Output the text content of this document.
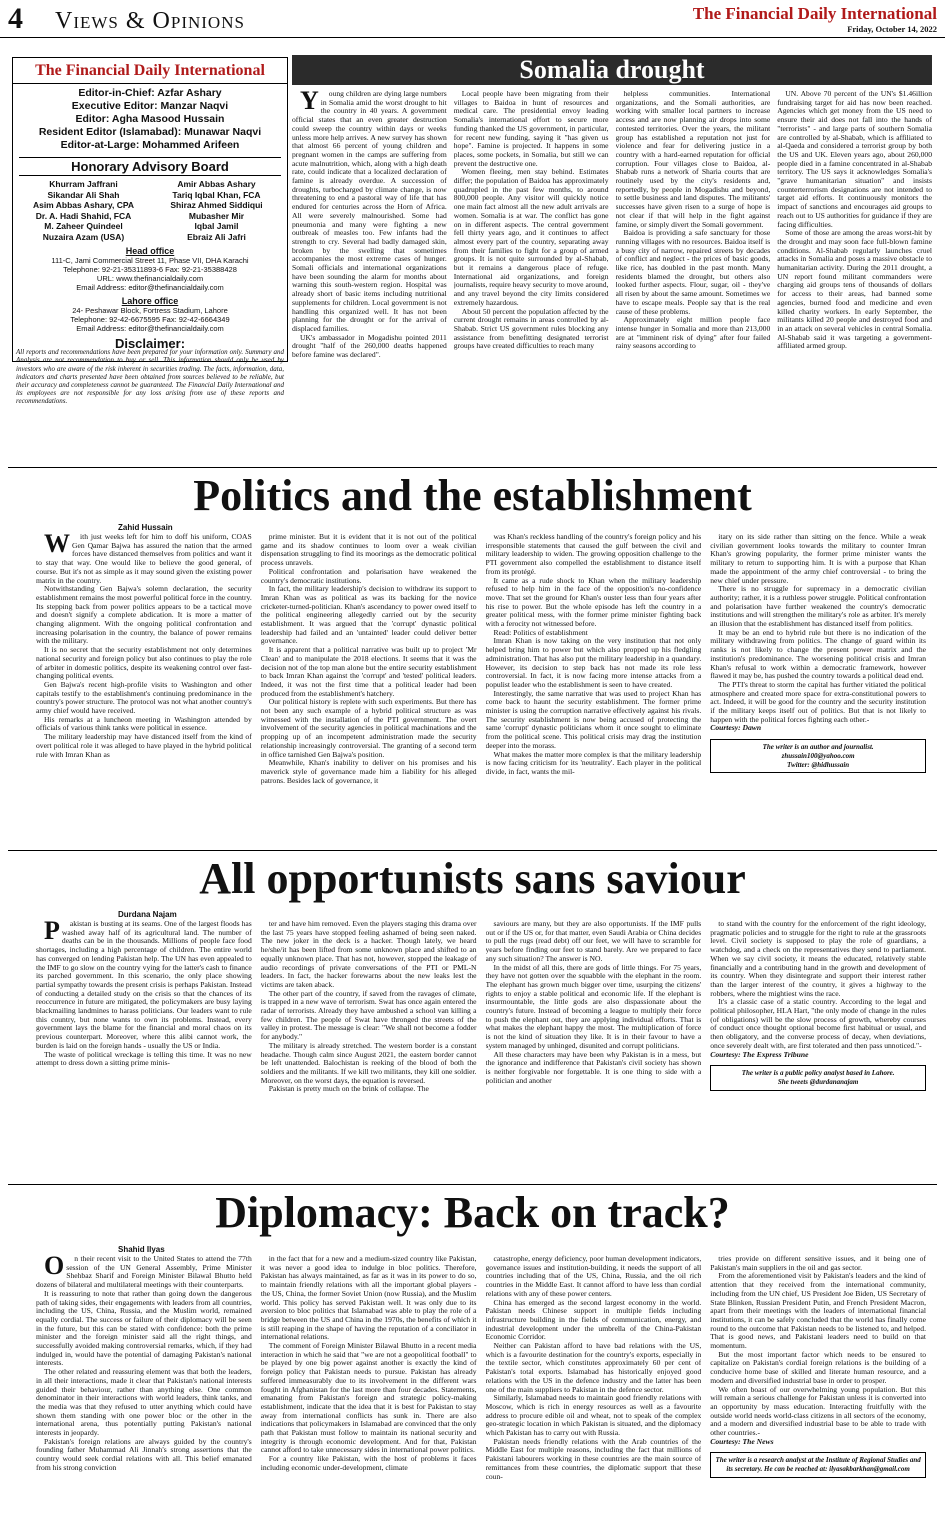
4 Views & Opinions	The Financial Daily International
Friday, October 14, 2022
The Financial Daily International
Editor-in-Chief: Azfar Ashary
Executive Editor: Manzar Naqvi
Editor: Agha Masood Hussain
Resident Editor (Islamabad): Munawar Naqvi
Editor-at-Large: Mohammed Arifeen
Honorary Advisory Board
Khurram Jaffrani
Sikandar Ali Shah
Asim Abbas Ashary, CPA
Dr. A. Hadi Shahid, FCA
M. Zaheer Quindeel
Nuzaira Azam (USA)
Amir Abbas Ashary
Tariq Iqbal Khan, FCA
Shiraz Ahmed Siddiqui
Mubasher Mir
Iqbal Jamil
Ebraiz Ali Jafri
Head office
111-C, Jami Commercial Street 11, Phase VII, DHA Karachi
Telephone: 92-21-35311893-6 Fax: 92-21-35388428
URL: www.thefinancialdaily.com
Email Address: editor@thefinancialdaily.com
Lahore office
24- Peshawar Block, Fortress Stadium, Lahore
Telephone: 92-42-6675595 Fax: 92-42-6664349
Email Address: editor@thefinancialdaily.com
Disclaimer:
All reports and recommendations have been prepared for your information only. Summary and Analysis are not recommendation to buy or sell. This information should only be used by investors who are aware of the risk inherent in securities trading. The facts, information, data, indicators and charts presented have been obtained from sources believed to be reliable, but their accuracy and completeness cannot be guaranteed. The Financial Daily International and its employees are not responsible for any loss arising from use of these reports and recommendations.
Somalia drought

Young children are dying large numbers in Somalia amid the worst drought to hit the country in 40 years. A government official states that an even greater destruction could sweep the country within days or weeks unless more help arrives. A new survey has shown that almost 66 percent of young children and pregnant women in the camps are suffering from acute malnutrition, which, along with a high death rate, could indicate that a localized declaration of famine is already overdue. A succession of droughts, turbocharged by climate change, is now threatening to end a pastoral way of life that has endured for centuries across the Horn of Africa. All were severely malnourished. Some had pneumonia and many were fighting a new outbreak of measles too. Few infants had the strength to cry. Several had badly damaged skin, broken by the swelling that sometimes accompanies the most extreme cases of hunger. Somali officials and international organizations have been sounding the alarm for months about warning this south-western region. Hospital was already short of basic items including nutritional supplements for children. Local government is not handling this organized well. It has not been planning for the drought or for the arrival of displaced families.

UK's ambassador in Mogadishu pointed 2011 drought "half of the 260,000 deaths happened before famine was declared".

Local people have been migrating from their villages to Baidoa in hunt of resources and medical care. The presidential envoy leading Somalia's international effort to secure more funding thanked the US government, in particular, for recent new funding, saying it "has given us hope". Famine is projected. It happens in some places, some pockets, in Somalia, but still we can prevent the destructive one.

Women fleeing, men stay behind. Estimates differ; the population of Baidoa has approximately quadrupled in the past few months, to around 800,000 people. Any visitor will quickly notice one main fact almost all the new adult arrivals are women. Somalia is at war. The conflict has gone on in different aspects. The central government fell thirty years ago, and it continues to affect almost every part of the country, separating away from their families to fight for a group of armed groups. It is not quite surrounded by al-Shabab, but it remains a dangerous place of refuge. International aid organizations, and foreign journalists, require heavy security to move around, and any travel beyond the city limits considered extremely hazardous.

About 50 percent the population affected by the current drought remains in areas controlled by al-Shabab. Strict US government rules blocking any assistance from benefitting designated terrorist groups have created difficulties to reach many

helpless communities. International organizations, and the Somali authorities, are working with smaller local partners to increase access and are now planning air drops into some contested territories. Over the years, the militant group has established a reputation not just for violence and fear for delivering justice in a country with a hard-earned reputation for official corruption. Four villages close to Baidoa, al-Shabab runs a network of Sharia courts that are routinely used by the city's residents and, reportedly, by people in Mogadishu and beyond, to settle business and land disputes. The militants' successes have given risen to a surge of hope is not clear if that will help in the fight against famine, or simply divert the Somali government.

Baidoa is providing a safe sanctuary for those running villages with no resources. Baidoa itself is a busy city of narrow, repaired streets by decades of conflict and neglect - the prices of basic goods, like rice, has doubled in the past month. Many residents blamed the drought, but others also looked further aspects. Flour, sugar, oil - they've all risen by about the same amount. Sometimes we have to escape meals. People say that is the real cause of these problems.

Approximately eight million people face intense hunger in Somalia and more than 213,000 are at "imminent risk of dying" after four failed rainy seasons according to

UN. Above 70 percent of the UN's $1.46illion fundraising target for aid has now been reached. Agencies which get money from the US need to ensure their aid does not fall into the hands of "terrorists" - and large parts of southern Somalia are controlled by al-Shabab, which is affiliated to al-Qaeda and considered a terrorist group by both the US and UK. Eleven years ago, about 260,000 people died in a famine concentrated in al-Shabab territory. The US says it acknowledges Somalia's "grave humanitarian situation" and insists counterterrorism designations are not intended to target aid efforts. It continuously monitors the impact of sanctions and encourages aid groups to reach out to US authorities for guidance if they are facing difficulties.

Some of those are among the areas worst-hit by the drought and may soon face full-blown famine conditions. Al-Shabab regularly launches cruel attacks in Somalia and poses a massive obstacle to humanitarian activity. During the 2011 drought, a UN report found militant commanders were charging aid groups tens of thousands of dollars for access to their areas, had banned some agencies, burned food and medicine and even killed charity workers. In early September, the militants killed 20 people and destroyed food and in an attack on several vehicles in central Somalia. Al-Shabab said it was targeting a government-affiliated armed group.

Politics and the establishment
Zahid Hussain

With just weeks left for him to doff his uniform, COAS Gen Qamar Bajwa has assured the nation that the armed forces have distanced themselves from politics and want it to stay that way. One would like to believe the good general, of course. But it's not as simple as it may sound given the existing power matrix in the country.

Notwithstanding Gen Bajwa's solemn declaration, the security establishment remains the most powerful political force in the country. Its stepping back from power politics appears to be a tactical move and doesn't signify a complete abdication. It is more a matter of changing alignment. With the ongoing political confrontation and increasing polarisation in the country, the balance of power remains with the military.

It is no secret that the security establishment not only determines national security and foreign policy but also continues to play the role of arbiter in domestic politics, despite its weakening control over fast-changing political events.

Gen Bajwa's recent high-profile visits to Washington and other capitals testify to the establishment's continuing predominance in the country's power structure. The protocol was not what another country's army chief would have received.

His remarks at a luncheon meeting in Washington attended by officials of various think tanks were political in essence.

The military leadership may have distanced itself from the kind of overt political role it was alleged to have played in the hybrid political rule with Imran Khan as

prime minister. But it is evident that it is not out of the political game and its shadow continues to loom over a weak civilian dispensation struggling to find its moorings as the democratic political process unravels.

Political confrontation and polarisation have weakened the country's democratic institutions.

In fact, the military leadership's decision to withdraw its support to Imran Khan was as political as was its backing for the novice cricketer-turned-politician. Khan's ascendancy to power owed itself to the political engineering allegedly carried out by the security establishment. It was argued that the 'corrupt' dynastic political leadership had failed and an 'untainted' leader could deliver better governance.

It is apparent that a political narrative was built up to project 'Mr Clean' and to manipulate the 2018 elections. It seems that it was the decision not of the top man alone but the entire security establishment to back Imran Khan against the 'corrupt' and 'tested' political leaders. Indeed, it was not the first time that a political leader had been produced from the establishment's hatchery.

Our political history is replete with such experiments. But there has not been any such example of a hybrid political structure as was witnessed with the installation of the PTI government. The overt involvement of the security agencies in political machinations and the propping up of an incompetent administration made the security relationship increasingly controversial. The granting of a second term in office tarnished Gen Bajwa's position.

Meanwhile, Khan's inability to deliver on his promises and his maverick style of governance made him a liability for his alleged patrons. Besides lack of governance, it

was Khan's reckless handling of the country's foreign policy and his irresponsible statements that caused the gulf between the civil and military leadership to widen. The growing opposition challenge to the PTI government also compelled the establishment to distance itself from its protégé.

It came as a rude shock to Khan when the military leadership refused to help him in the face of the opposition's no-confidence move. That set the ground for Khan's ouster less than four years after his rise to power. But the whole episode has left the country in a greater political mess, with the former prime minister fighting back with a ferocity not witnessed before.

Read: Politics of establishment

Imran Khan is now taking on the very institution that not only helped bring him to power but which also propped up his fledgling administration. That has also put the military leadership in a quandary. However, its decision to step back has not made its role less controversial. In fact, it is now facing more intense attacks from a populist leader who the establishment is seen to have created.

Interestingly, the same narrative that was used to project Khan has come back to haunt the security establishment. The former prime minister is using the corruption narrative effectively against his rivals. The security establishment is now being accused of protecting the same 'corrupt' dynastic politicians whom it once sought to eliminate from the political scene. This political crisis may drag the institution deeper into the morass.

What makes the matter more complex is that the military leadership is now facing criticism for its 'neutrality'. Each player in the political divide, in fact, wants the mil-

itary on its side rather than sitting on the fence. While a weak civilian government looks towards the military to counter Imran Khan's growing popularity, the former prime minister wants the military to return to supporting him. It is with a purpose that Khan made the appointment of the army chief controversial - to bring the new chief under pressure.

There is no struggle for supremacy in a democratic civilian authority; rather, it is a ruthless power struggle. Political confrontation and polarisation have further weakened the country's democratic institutions and will strengthen the military's role as arbiter. It's merely an illusion that the establishment has distanced itself from politics.

It may be an end to hybrid rule but there is no indication of the military withdrawing from politics. The change of guard within its ranks is not likely to change the present power matrix and the institution's predominance. The worsening political crisis and Imran Khan's refusal to work within a democratic framework, however flawed it may be, has pushed the country towards a political dead end.

The PTI's threat to storm the capital has further vitiated the political atmosphere and created more space for extra-constitutional powers to act. Indeed, it will be good for the country and the security institution if the military keeps itself out of politics. But that is not likely to happen with the political forces fighting each other.-

Courtesy: Dawn

The writer is an author and journalist.
zhussain100@yahoo.com
Twitter: @hidhussain
All opportunists sans saviour
Durdana Najam

Pakistan is busting at its seams. One of the largest floods has washed away half of its agricultural land. The number of deaths can be in the thousands. Millions of people face food shortages, including a high percentage of children. The entire world has converged on lending Pakistan help. The UN has even appealed to the IMF to go slow on the country vying for the latter's cash to finance its parched government. In this scenario, the only place showing partial sympathy towards the present crisis is perhaps Pakistan. Instead of conducting a detailed study on the crisis so that the chances of its reoccurrence in future are mitigated, the policymakers are busy laying blackmailing landmines to harass politicians. Our leaders want to rule this country, but none wants to own its problems. Instead, every government lays the blame for the financial and moral chaos on its previous counterpart. Moreover, where this alibi cannot work, the burden is laid on the foreign hands - usually the US or India.

The waste of political wreckage is telling this time. It was no new attempt to dress down a sitting prime minis-

ter and have him removed. Even the players staging this drama over the last 75 years have stopped feeling ashamed of being seen naked. The new joker in the deck is a hacker. Though lately, we heard he/she/it has been lifted from some unknown place and shifted to an equally unknown place. That has not, however, stopped the leakage of audio recordings of private conversations of the PTI or PML-N leaders. In fact, the hacker forewarns about the new leaks lest the victims are taken aback.

The other part of the country, if saved from the ravages of climate, is trapped in a new wave of terrorism. Swat has once again entered the radar of terrorists. Already they have ambushed a school van killing a few children. The people of Swat have thronged the streets of the valley in protest. The message is clear: "We shall not become a fodder for anybody."

The military is already stretched. The western border is a constant headache. Though calm since August 2021, the eastern border cannot be left unattended. Balochistan is reeking of the blood of both the soldiers and the militants. If we kill two militants, they kill one soldier. Moreover, on the worst days, the equation is reversed.

Pakistan is pretty much on the brink of collapse. The

saviours are many, but they are also opportunists. If the IMF pulls out or if the US or, for that matter, even Saudi Arabia or China decides to pull the rugs (read debt) off our feet, we will have to scramble for years before finding our feet to stand barely. Are we prepared to face any such situation? The answer is NO.

In the midst of all this, there are gods of little things. For 75 years, they have not gotten over the squabble with the elephant in the room. The elephant has grown much bigger over time, usurping the citizens' rights to enjoy a stable political and economic life. If the elephant is insurmountable, the little gods are also dispassionate about the country's future. Instead of becoming a league to multiply their force to push the elephant out, they are applying individual efforts. That is what makes the elephant happy the most. The multiplication of force is not the kind of situation they like. It is in their favour to have a system managed by unhinged, disunited and corrupt politicians.

All these characters may have been why Pakistan is in a mess, but the ignorance and indifference that Pakistan's civil society has shown is neither forgivable nor forgettable. It is one thing to side with a politician and another

to stand with the country for the enforcement of the right ideology, pragmatic policies and to struggle for the right to rule at the grassroots level. Civil society is supposed to play the role of guardians, a watchdog, and a check on the representatives they send to parliament. When we say civil society, it means the educated, relatively stable financially and a contributing hand in the growth and development of its country. When they disintegrate and support their interest rather than the larger interest of the country, it gives a highway to the robbers, where the mightiest wins the race.

It's a classic case of a static country. According to the legal and political philosopher, HLA Hart, "the only mode of change in the rules (of obligations) will be the slow process of growth, whereby courses of conduct once thought optional become first habitual or usual, and then obligatory, and the converse process of decay, when deviations, once severely dealt with, are first tolerated and then pass unnoticed."-

Courtesy: The Express Tribune

The writer is a public policy analyst based in Lahore.
She tweets @durdananajam
Diplomacy: Back on track?
Shahid Ilyas

On their recent visit to the United States to attend the 77th session of the UN General Assembly, Prime Minister Shehbaz Sharif and Foreign Minister Bilawal Bhutto held dozens of bilateral and multilateral meetings with their counterparts.

It is reassuring to note that rather than going down the dangerous path of taking sides, their engagements with leaders from all countries, including the US, China, Russia, and the Muslim world, remained equally cordial. The success or failure of their diplomacy will be seen in the future, but this can be stated with confidence: both the prime minister and the foreign minister said all the right things, and successfully avoided making controversial remarks, which, if they had indulged in, would have the potential of damaging Pakistan's national interests.

The other related and reassuring element was that both the leaders, in all their interactions, made it clear that Pakistan's national interests guided their behaviour, rather than anything else. One common denominator in their interactions with world leaders, think tanks, and the media was that they refused to utter anything which could have shown them standing with one power bloc or the other in the international arena, thus potentially putting Pakistan's national interests in jeopardy.

Pakistan's foreign relations are always guided by the country's founding father Muhammad Ali Jinnah's strong assertions that the country would seek cordial relations with all. This belief emanated from his strong conviction

in the fact that for a new and a medium-sized country like Pakistan, it was never a good idea to indulge in bloc politics. Therefore, Pakistan has always maintained, as far as it was in its power to do so, to maintain friendly relations with all the important global players - the US, China, the former Soviet Union (now Russia), and the Muslim world. This policy has served Pakistan well. It was only due to its aversion to bloc politics that Islamabad was able to play the role of a bridge between the US and China in the 1970s, the benefits of which it is still reaping in the shape of having the reputation of a conciliator in international relations.

The comment of Foreign Minister Bilawal Bhutto in a recent media interaction in which he said that "we are not a geopolitical football" to be played by one big power against another is exactly the kind of foreign policy that Pakistan needs to pursue. Pakistan has already suffered immeasurably due to its involvement in the different wars fought in Afghanistan for the last more than four decades. Statements, emanating from Pakistan's foreign and strategic policy-making establishment, indicate that the idea that it is best for Pakistan to stay away from international conflicts has sunk in. There are also indications that policymakers in Islamabad are convinced that the only path that Pakistan must follow to maintain its national security and integrity is through economic development. And for that, Pakistan cannot afford to take unnecessary sides in international power politics.

For a country like Pakistan, with the host of problems it faces including economic under-development, climate

catastrophe, energy deficiency, poor human development indicators, governance issues and institution-building, it needs the support of all countries including that of the US, China, Russia, and the oil rich countries in the Middle East. It cannot afford to have less than cordial relations with any of these power centers.

China has emerged as the second largest economy in the world. Pakistan needs Chinese support in multiple fields including infrastructure building in the fields of communication, energy, and industrial development under the umbrella of the China-Pakistan Economic Corridor.

Neither can Pakistan afford to have bad relations with the US, which is a favourite destination for the country's exports, especially in the textile sector, which constitutes approximately 60 per cent of Pakistan's total exports. Islamabad has historically enjoyed good relations with the US in the defence industry and the latter has been one of the main suppliers to Pakistan in the defence sector.

Similarly, Islamabad needs to maintain good friendly relations with Moscow, which is rich in energy resources as well as a favourite address to procure edible oil and wheat, not to speak of the complex geo-strategic location in which Pakistan is situated, and the diplomacy which Pakistan has to carry out with Russia.

Pakistan needs friendly relations with the Arab countries of the Middle East for multiple reasons, including the fact that millions of Pakistani labourers working in these countries are the main source of remittances from these countries, the diplomatic support that these coun-

tries provide on different sensitive issues, and it being one of Pakistan's main suppliers in the oil and gas sector.

From the aforementioned visit by Pakistan's leaders and the kind of attention that they received from the international community, including from the UN chief, US President Joe Biden, US Secretary of State Blinken, Russian President Putin, and French President Macron, apart from their meetings with the leaders of international financial institutions, it can be safely concluded that the world has finally come round to the outcome that Pakistan needs to be listened to, and helped. That is good news, and Pakistani leaders need to build on that momentum.

But the most important factor which needs to be ensured to capitalize on Pakistan's cordial foreign relations is the building of a conducive home base of skilled and literate human resource, and a modern and diversified industrial base in order to prosper.

We often boast of our overwhelming young population. But this will remain a serious challenge for Pakistan unless it is converted into an opportunity by mass education. Interacting fruitfully with the outside world needs world-class citizens in all sectors of the economy, and a modern and diversified industrial base to be able to trade with other countries.-

Courtesy: The News

The writer is a research analyst at the Institute of Regional Studies and its secretary. He can be reached at: ilyasakbarkhan@gmail.com
